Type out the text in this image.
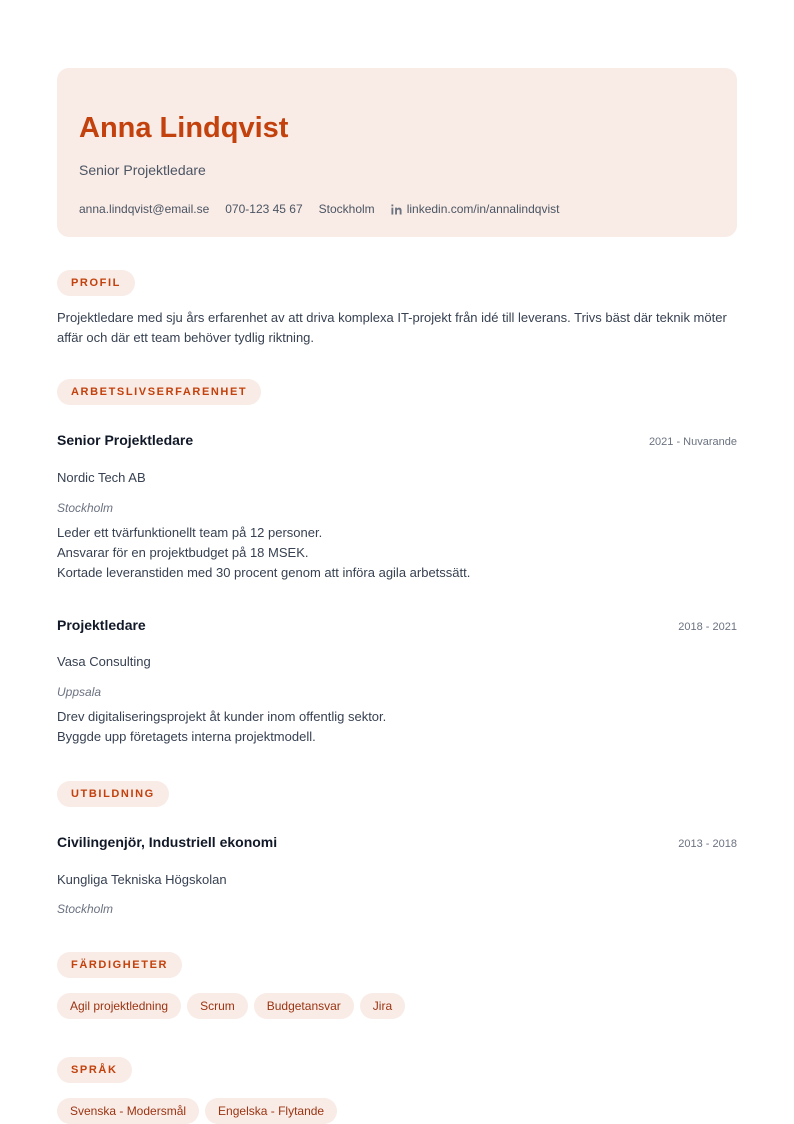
Anna Lindqvist
Senior Projektledare
anna.lindqvist@email.se 070-123 45 67 Stockholm	linkedin.com/in/annalindqvist
PROFIL
Projektledare med sju års erfarenhet av att driva komplexa IT-projekt från idé till leverans. Trivs bäst där teknik möter affär och där ett team behöver tydlig riktning.
ARBETSLIVSERFARENHET
Senior Projektledare	2021 - Nuvarande
Nordic Tech AB
Stockholm
Leder ett tvärfunktionellt team på 12 personer.
Ansvarar för en projektbudget på 18 MSEK.
Kortade leveranstiden med 30 procent genom att införa agila arbetssätt.
Projektledare	2018 - 2021
Vasa Consulting
Uppsala
Drev digitaliseringsprojekt åt kunder inom offentlig sektor.
Byggde upp företagets interna projektmodell.
UTBILDNING
Civilingenjör, Industriell ekonomi	2013 - 2018
Kungliga Tekniska Högskolan
Stockholm
FÄRDIGHETER
Agil projektledning	Scrum	Budgetansvar	Jira
SPRÅK
Svenska - Modersmål	Engelska - Flytande
